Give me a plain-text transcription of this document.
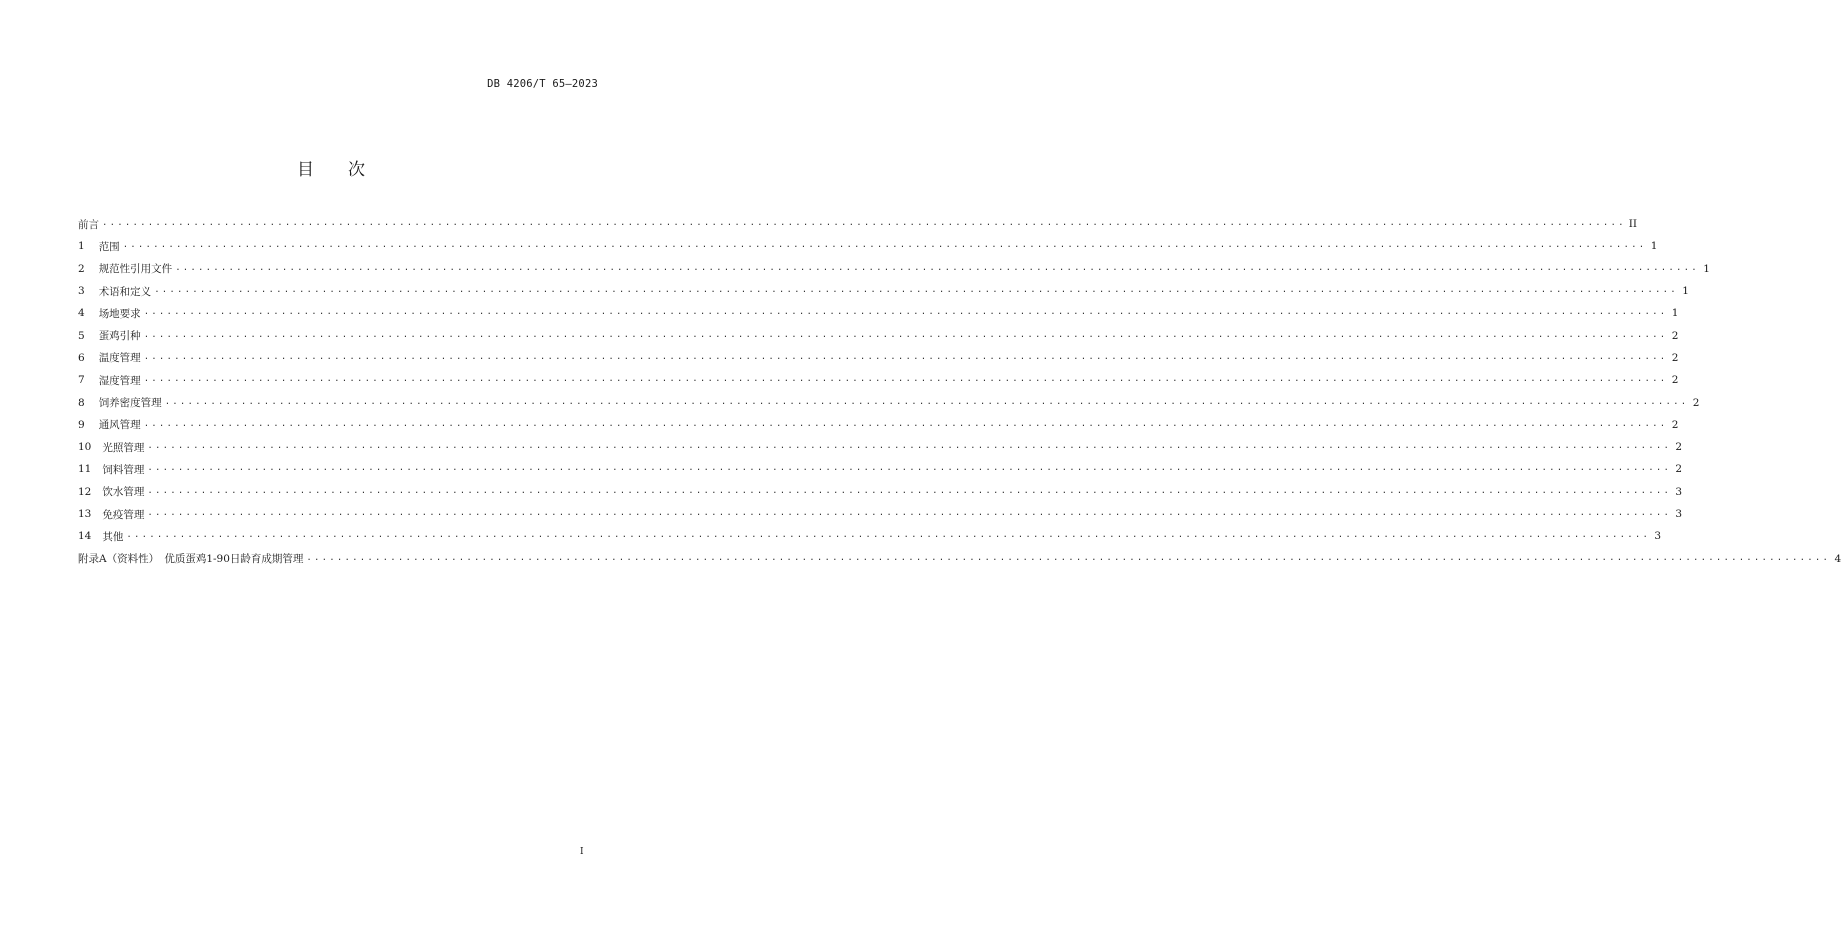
DB 4206/T 65—2023
目次
前言 ........................................................................................................................................................................................................ II
1 范围 ........................................................................................................................................................................................................ 1
2 规范性引用文件 ........................................................................................................................................................................................................ 1
3 术语和定义 ........................................................................................................................................................................................................ 1
4 场地要求 ........................................................................................................................................................................................................ 1
5 蛋鸡引种 ........................................................................................................................................................................................................ 2
6 温度管理 ........................................................................................................................................................................................................ 2
7 湿度管理 ........................................................................................................................................................................................................ 2
8 饲养密度管理 ........................................................................................................................................................................................................ 2
9 通风管理 ........................................................................................................................................................................................................ 2
10 光照管理 ........................................................................................................................................................................................................ 2
11 饲料管理 ........................................................................................................................................................................................................ 2
12 饮水管理 ........................................................................................................................................................................................................ 3
13 免疫管理 ........................................................................................................................................................................................................ 3
14 其他 ........................................................................................................................................................................................................ 3
附录A（资料性）　优质蛋鸡1-90日龄育成期管理 ........................................................................................................................................................................................................ 4
I
